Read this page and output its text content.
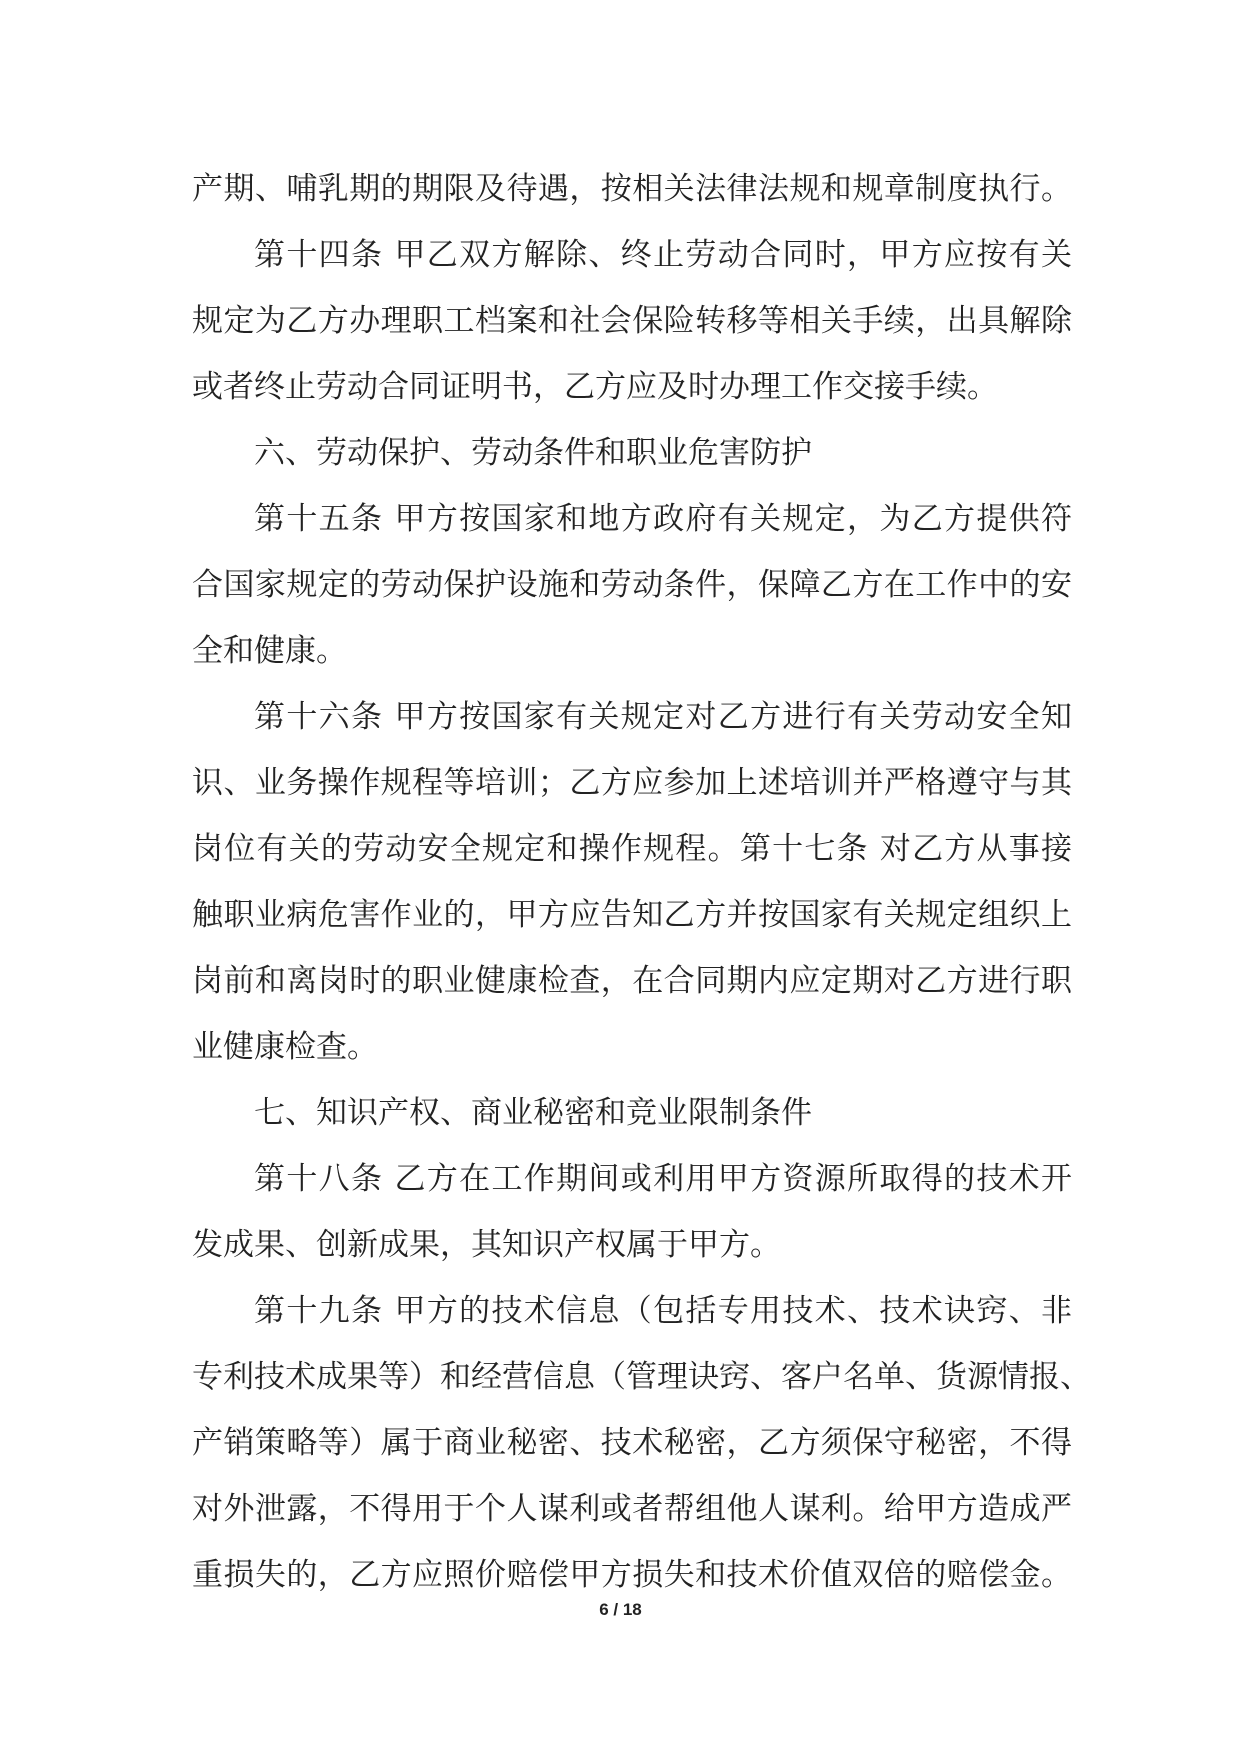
产期、哺乳期的期限及待遇，按相关法律法规和规章制度执行。
第十四条 甲乙双方解除、终止劳动合同时，甲方应按有关
规定为乙方办理职工档案和社会保险转移等相关手续，出具解除
或者终止劳动合同证明书，乙方应及时办理工作交接手续。
六、劳动保护、劳动条件和职业危害防护
第十五条 甲方按国家和地方政府有关规定，为乙方提供符
合国家规定的劳动保护设施和劳动条件，保障乙方在工作中的安
全和健康。
第十六条 甲方按国家有关规定对乙方进行有关劳动安全知
识、业务操作规程等培训；乙方应参加上述培训并严格遵守与其
岗位有关的劳动安全规定和操作规程。第十七条 对乙方从事接
触职业病危害作业的，甲方应告知乙方并按国家有关规定组织上
岗前和离岗时的职业健康检查，在合同期内应定期对乙方进行职
业健康检查。
七、知识产权、商业秘密和竞业限制条件
第十八条 乙方在工作期间或利用甲方资源所取得的技术开
发成果、创新成果，其知识产权属于甲方。
第十九条 甲方的技术信息（包括专用技术、技术诀窍、非
专利技术成果等）和经营信息（管理诀窍、客户名单、货源情报、
产销策略等）属于商业秘密、技术秘密，乙方须保守秘密，不得
对外泄露，不得用于个人谋利或者帮组他人谋利。给甲方造成严
重损失的，乙方应照价赔偿甲方损失和技术价值双倍的赔偿金。
6 / 18
